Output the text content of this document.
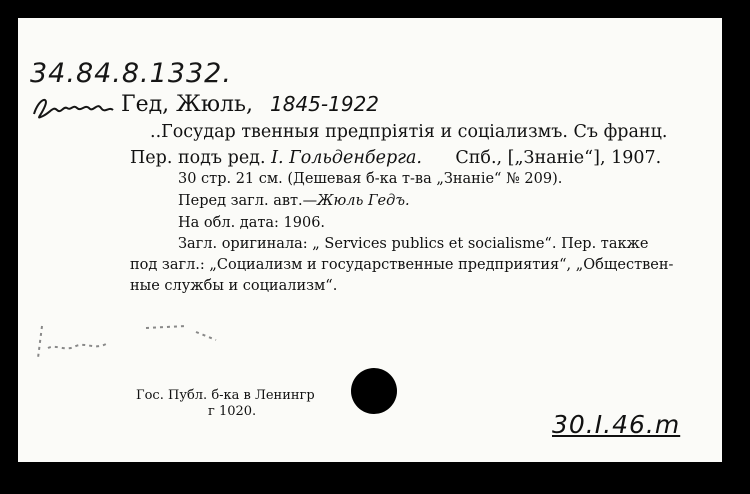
34.84.8.1332.
Гед, Жюль, 1845-1922
..Государ твенныя предпріятія и соціализмъ. Съ франц.
Пер. подъ ред. I. Гольденберга. Спб., [„Знаніе“], 1907.
30 стр. 21 см. (Дешевая б-ка т-ва „Знаніе“ № 209).
Перед загл. авт.—Жюль Гедъ.
На обл. дата: 1906.
Загл. оригинала: „ Services publics et socialisme“. Пер. также
под загл.: „Социализм и государственные предприятия“, „Обществен-
ные службы и социализм“.
Гос. Публ. б-ка в Ленингр
г 1020.	30.I.46.m
